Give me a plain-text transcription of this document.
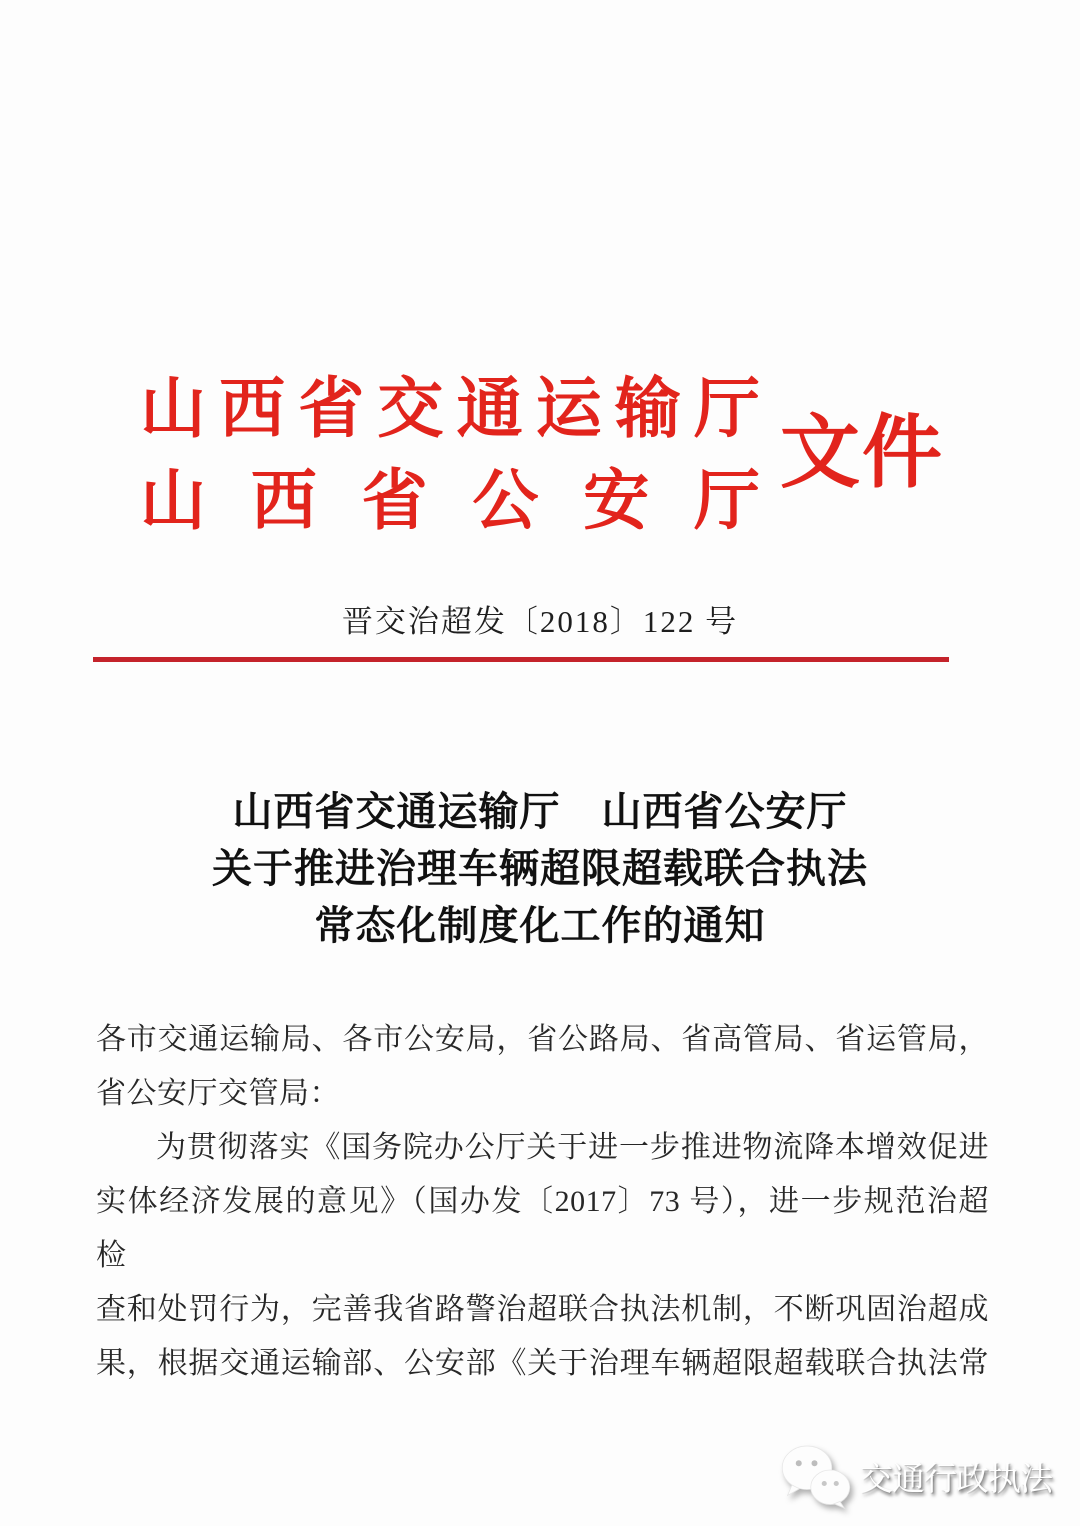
山西省交通运输厅
山西省公安厅
文件
晋交治超发〔2018〕122 号
山西省交通运输厅　山西省公安厅
关于推进治理车辆超限超载联合执法
常态化制度化工作的通知

各市交通运输局、各市公安局，省公路局、省高管局、省运管局，

省公安厅交管局：

为贯彻落实《国务院办公厅关于进一步推进物流降本增效促进

实体经济发展的意见》（国办发〔2017〕73 号），进一步规范治超检

查和处罚行为，完善我省路警治超联合执法机制，不断巩固治超成

果，根据交通运输部、公安部《关于治理车辆超限超载联合执法常

交通行政执法
